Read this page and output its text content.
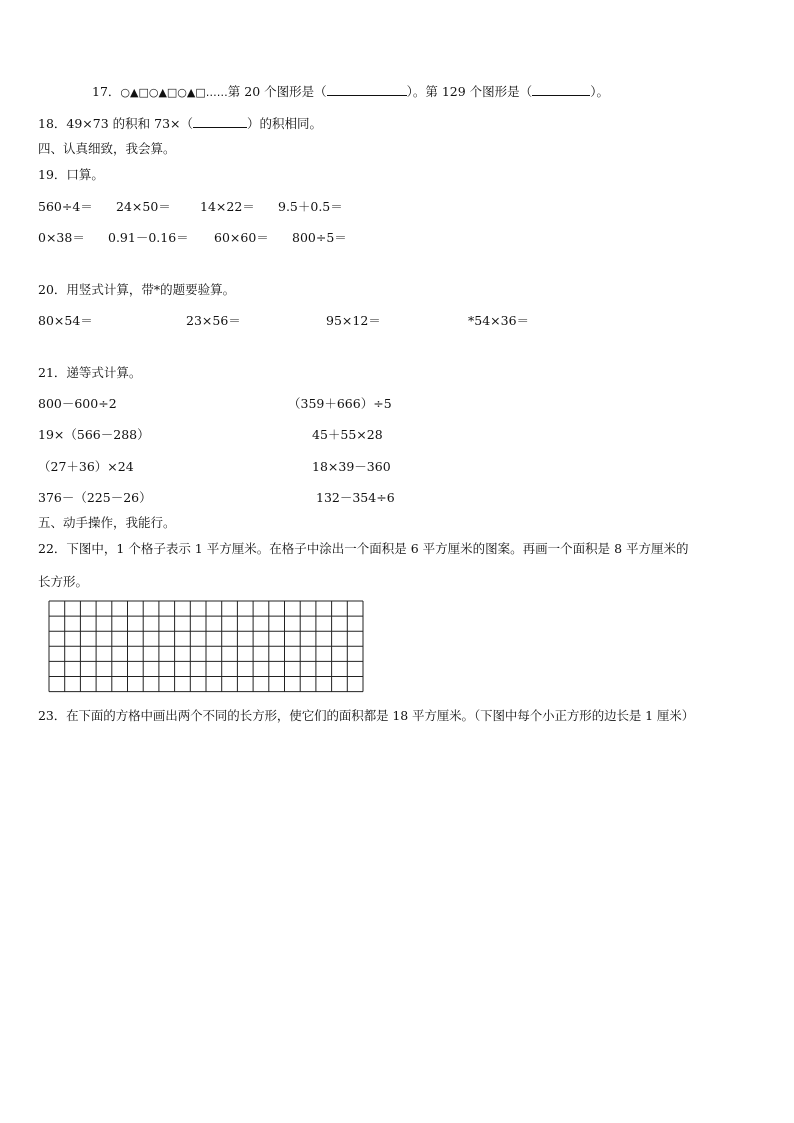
17．○▲□○▲□○▲□……第 20 个图形是（	）。第 129 个图形是（	）。
18．49×73 的积和 73×（	）的积相同。
四、认真细致，我会算。
19．口算。
560÷4＝ 24×50＝ 14×22＝ 9.5＋0.5＝
0×38＝ 0.91－0.16＝ 60×60＝ 800÷5＝
20．用竖式计算，带*的题要验算。
80×54＝	23×56＝	95×12＝	*54×36＝
21．递等式计算。
800－600÷2	（359＋666）÷5
19×（566－288）	45＋55×28
（27＋36）×24	18×39－360
376－（225－26）	132－354÷6
五、动手操作，我能行。
22．下图中，1 个格子表示 1 平方厘米。在格子中涂出一个面积是 6 平方厘米的图案。再画一个面积是 8 平方厘米的
长方形。
23．在下面的方格中画出两个不同的长方形，使它们的面积都是 18 平方厘米。（下图中每个小正方形的边长是 1 厘米）
